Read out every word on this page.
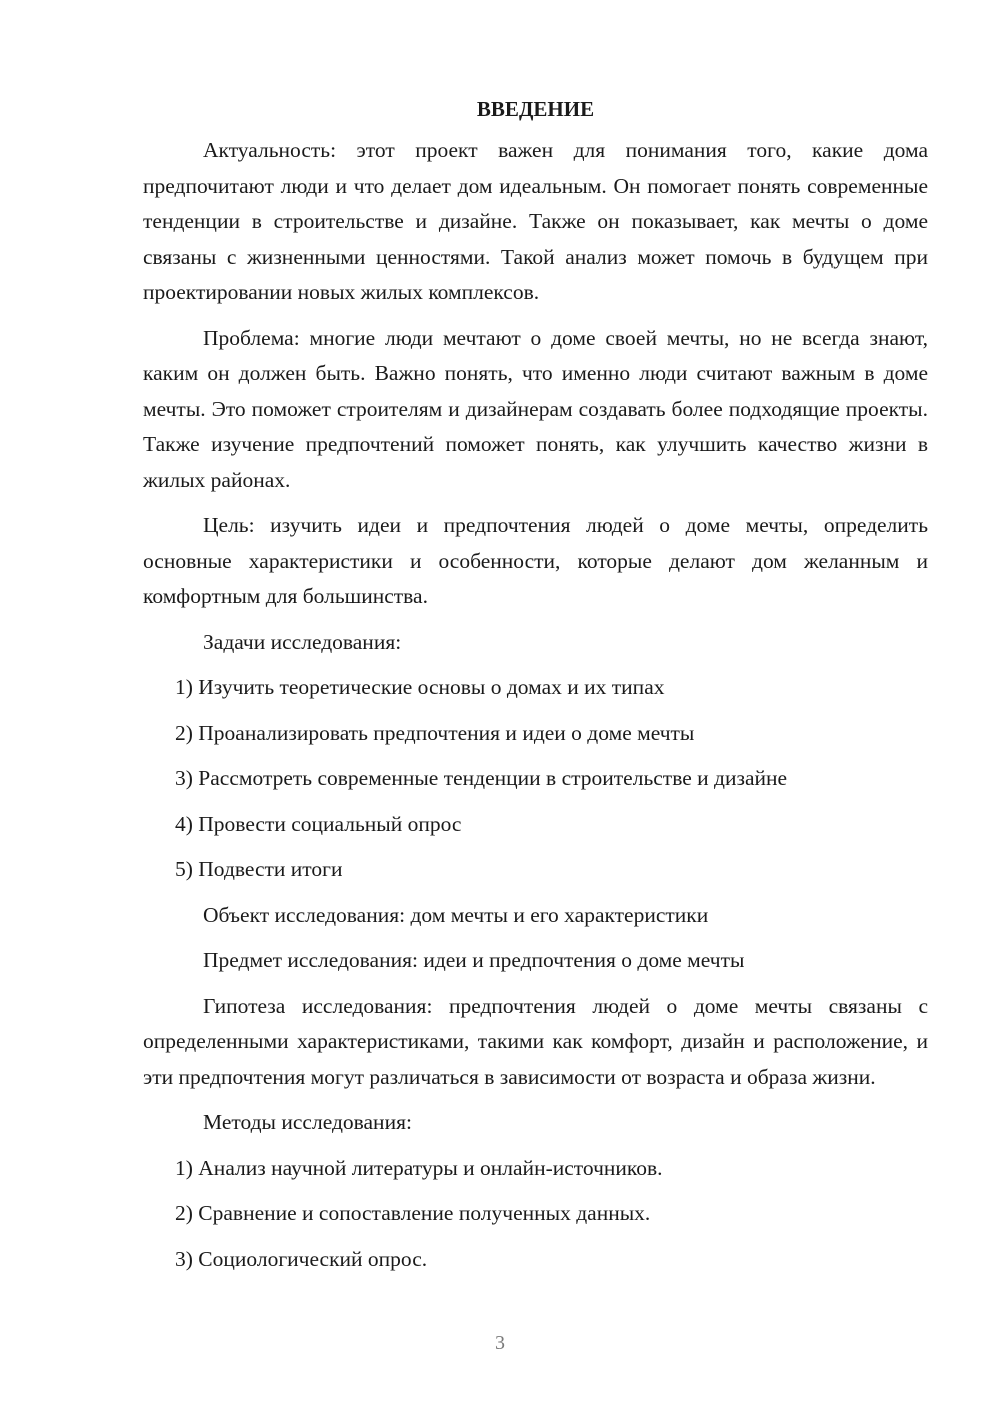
ВВЕДЕНИЕ

Актуальность: этот проект важен для понимания того, какие дома предпочитают люди и что делает дом идеальным. Он помогает понять современные тенденции в строительстве и дизайне. Также он показывает, как мечты о доме связаны с жизненными ценностями. Такой анализ может помочь в будущем при проектировании новых жилых комплексов.

Проблема: многие люди мечтают о доме своей мечты, но не всегда знают, каким он должен быть. Важно понять, что именно люди считают важным в доме мечты. Это поможет строителям и дизайнерам создавать более подходящие проекты. Также изучение предпочтений поможет понять, как улучшить качество жизни в жилых районах.

Цель: изучить идеи и предпочтения людей о доме мечты, определить основные характеристики и особенности, которые делают дом желанным и комфортным для большинства.

Задачи исследования:

1) Изучить теоретические основы о домах и их типах

2) Проанализировать предпочтения и идеи о доме мечты

3) Рассмотреть современные тенденции в строительстве и дизайне

4) Провести социальный опрос

5) Подвести итоги

Объект исследования: дом мечты и его характеристики

Предмет исследования: идеи и предпочтения о доме мечты

Гипотеза исследования: предпочтения людей о доме мечты связаны с определенными характеристиками, такими как комфорт, дизайн и расположение, и эти предпочтения могут различаться в зависимости от возраста и образа жизни.

Методы исследования:

1) Анализ научной литературы и онлайн-источников.

2) Сравнение и сопоставление полученных данных.

3) Социологический опрос.

3
